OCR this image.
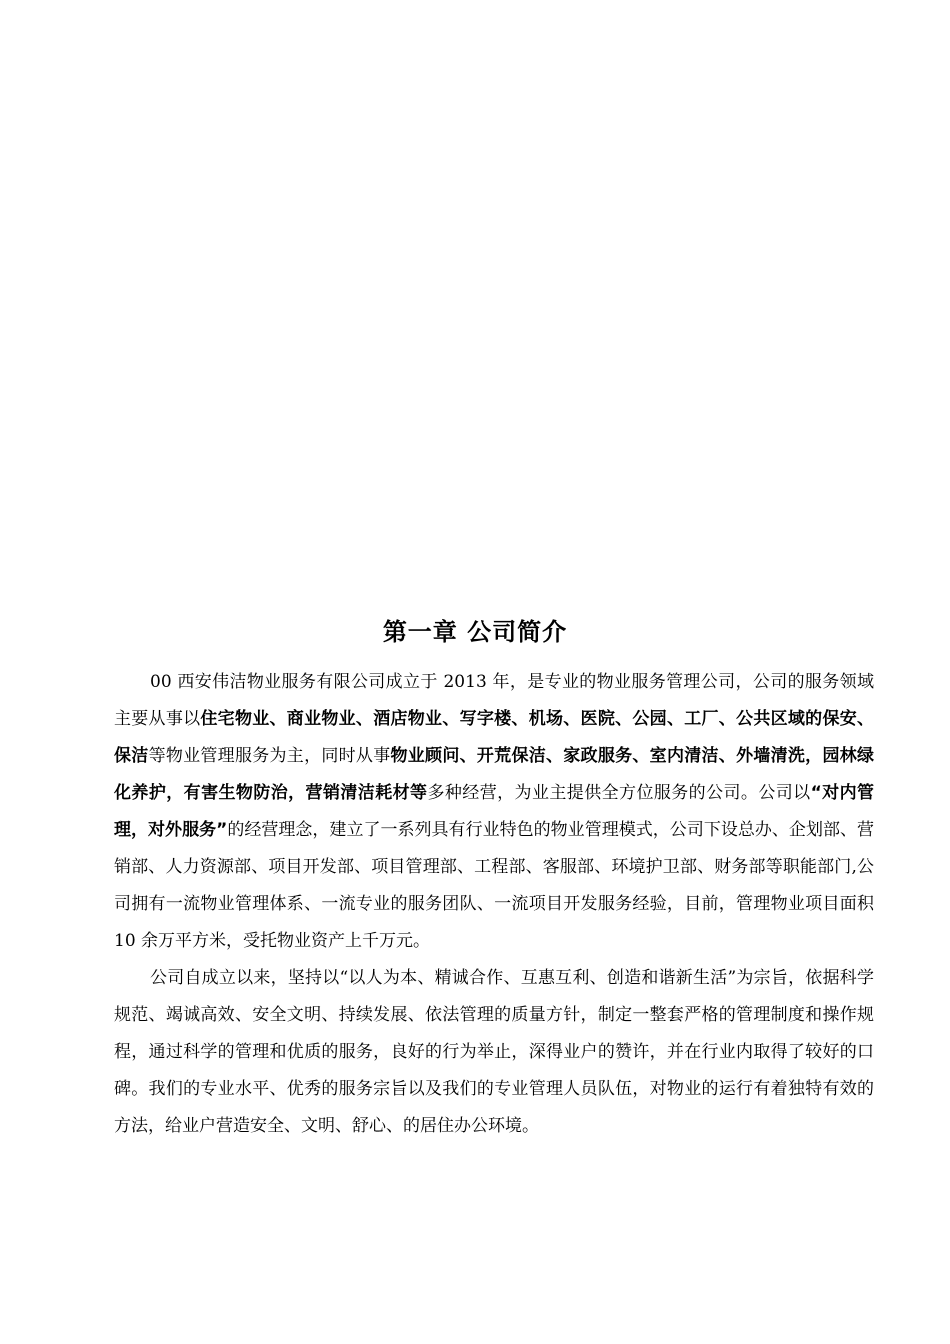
第一章 公司简介

00 西安伟洁物业服务有限公司成立于 2013 年，是专业的物业服务管理公司，公司的服务领域主要从事以住宅物业、商业物业、酒店物业、写字楼、机场、医院、公园、工厂、公共区域的保安、保洁等物业管理服务为主，同时从事物业顾问、开荒保洁、家政服务、室内清洁、外墙清洗，园林绿化养护，有害生物防治，营销清洁耗材等多种经营，为业主提供全方位服务的公司。公司以“对内管理，对外服务”的经营理念，建立了一系列具有行业特色的物业管理模式，公司下设总办、企划部、营销部、人力资源部、项目开发部、项目管理部、工程部、客服部、环境护卫部、财务部等职能部门,公司拥有一流物业管理体系、一流专业的服务团队、一流项目开发服务经验，目前，管理物业项目面积 10 余万平方米，受托物业资产上千万元。

公司自成立以来，坚持以“以人为本、精诚合作、互惠互利、创造和谐新生活”为宗旨，依据科学规范、竭诚高效、安全文明、持续发展、依法管理的质量方针，制定一整套严格的管理制度和操作规程，通过科学的管理和优质的服务，良好的行为举止，深得业户的赞许，并在行业内取得了较好的口碑。我们的专业水平、优秀的服务宗旨以及我们的专业管理人员队伍，对物业的运行有着独特有效的方法，给业户营造安全、文明、舒心、的居住办公环境。
